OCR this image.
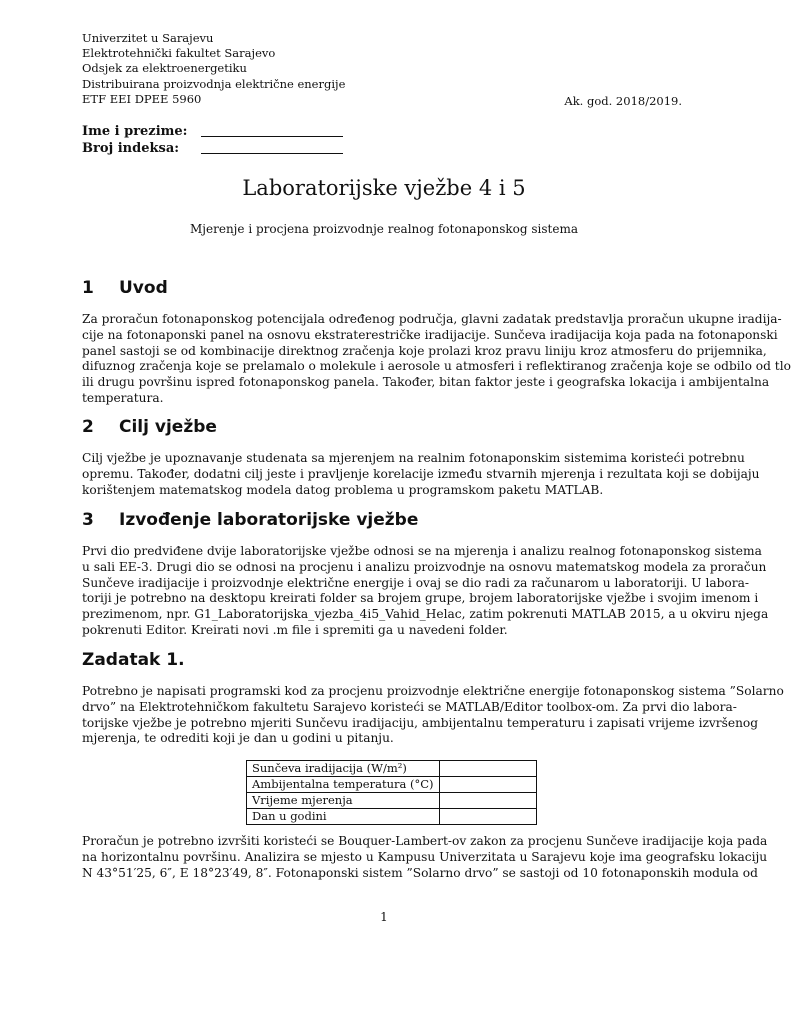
Univerzitet u Sarajevu
Elektrotehnički fakultet Sarajevo
Odsjek za elektroenergetiku
Distribuirana proizvodnja električne energije
ETF EEI DPEE 5960	Ak. god. 2018/2019.
Ime i prezime:
Broj indeksa:
Laboratorijske vježbe 4 i 5
Mjerenje i procjena proizvodnje realnog fotonaponskog sistema
1 Uvod
Za proračun fotonaponskog potencijala određenog područja, glavni zadatak predstavlja proračun ukupne iradija-
cije na fotonaponski panel na osnovu ekstraterestričke iradijacije. Sunčeva iradijacija koja pada na fotonaponski
panel sastoji se od kombinacije direktnog zračenja koje prolazi kroz pravu liniju kroz atmosferu do prijemnika,
difuznog zračenja koje se prelamalo o molekule i aerosole u atmosferi i reflektiranog zračenja koje se odbilo od tlo
ili drugu površinu ispred fotonaponskog panela. Također, bitan faktor jeste i geografska lokacija i ambijentalna
temperatura.
2 Cilj vježbe
Cilj vježbe je upoznavanje studenata sa mjerenjem na realnim fotonaponskim sistemima koristeći potrebnu
opremu. Također, dodatni cilj jeste i pravljenje korelacije između stvarnih mjerenja i rezultata koji se dobijaju
korištenjem matematskog modela datog problema u programskom paketu MATLAB.
3 Izvođenje laboratorijske vježbe
Prvi dio predviđene dvije laboratorijske vježbe odnosi se na mjerenja i analizu realnog fotonaponskog sistema
u sali EE-3. Drugi dio se odnosi na procjenu i analizu proizvodnje na osnovu matematskog modela za proračun
Sunčeve iradijacije i proizvodnje električne energije i ovaj se dio radi za računarom u laboratoriji. U labora-
toriji je potrebno na desktopu kreirati folder sa brojem grupe, brojem laboratorijske vježbe i svojim imenom i
prezimenom, npr. G1_Laboratorijska_vjezba_4i5_Vahid_Helac, zatim pokrenuti MATLAB 2015, a u okviru njega
pokrenuti Editor. Kreirati novi .m file i spremiti ga u navedeni folder.
Zadatak 1.
Potrebno je napisati programski kod za procjenu proizvodnje električne energije fotonaponskog sistema ”Solarno
drvo” na Elektrotehničkom fakultetu Sarajevo koristeći se MATLAB/Editor toolbox-om. Za prvi dio labora-
torijske vježbe je potrebno mjeriti Sunčevu iradijaciju, ambijentalnu temperaturu i zapisati vrijeme izvršenog
mjerenja, te odrediti koji je dan u godini u pitanju.
Sunčeva iradijacija (W/m²)	
Ambijentalna temperatura (°C)	
Vrijeme mjerenja	
Dan u godini	
Proračun je potrebno izvršiti koristeći se Bouquer-Lambert-ov zakon za procjenu Sunčeve iradijacije koja pada
na horizontalnu površinu. Analizira se mjesto u Kampusu Univerzitata u Sarajevu koje ima geografsku lokaciju
N 43°51′25, 6″, E 18°23′49, 8″. Fotonaponski sistem ”Solarno drvo” se sastoji od 10 fotonaponskih modula od
1
